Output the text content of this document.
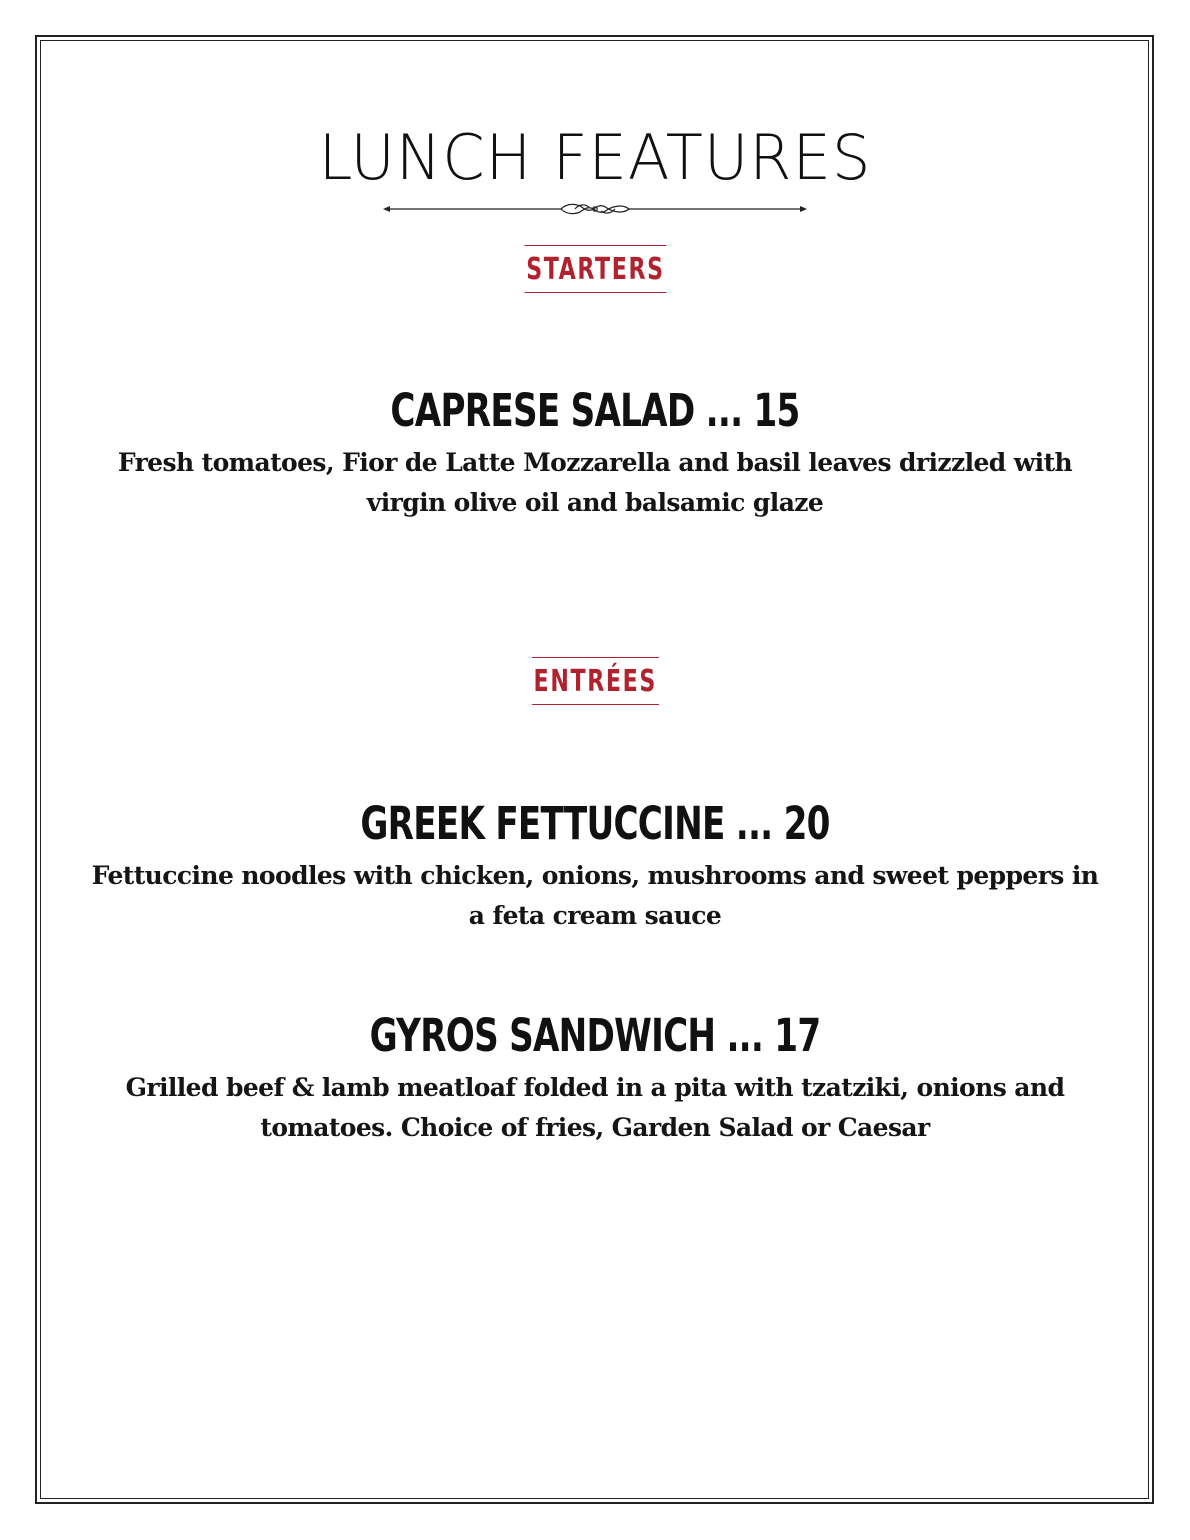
LUNCH FEATURES
STARTERS
CAPRESE SALAD ... 15
Fresh tomatoes, Fior de Latte Mozzarella and basil leaves drizzled with virgin olive oil and balsamic glaze
ENTRÉES
GREEK FETTUCCINE ... 20
Fettuccine noodles with chicken, onions, mushrooms and sweet peppers in a feta cream sauce
GYROS SANDWICH ... 17
Grilled beef & lamb meatloaf folded in a pita with tzatziki, onions and tomatoes. Choice of fries, Garden Salad or Caesar
